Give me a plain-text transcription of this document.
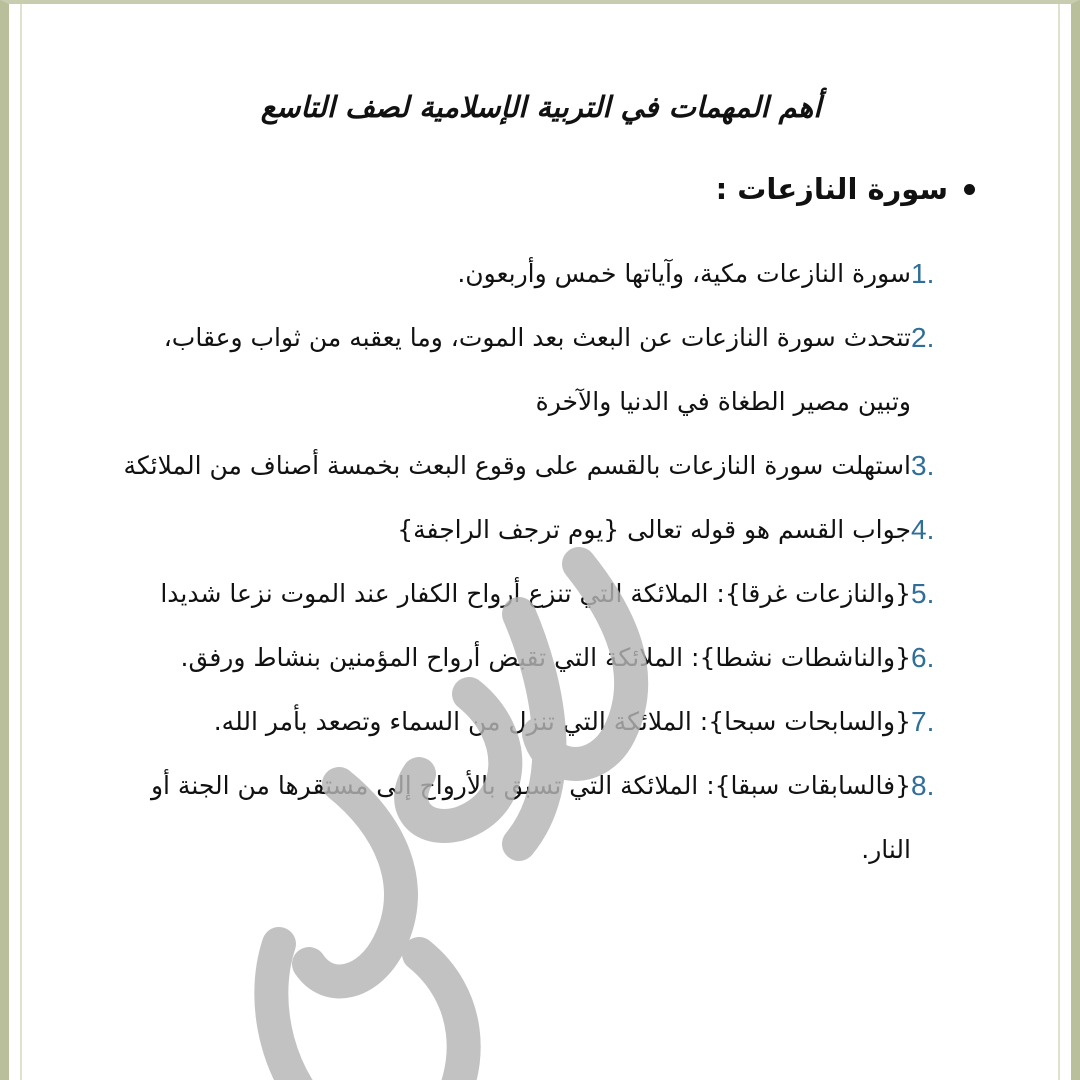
أهم المهمات في التربية الإسلامية لصف التاسع
سورة النازعات :

1.
سورة النازعات مكية، وآياتها خمس وأربعون.

2.
تتحدث سورة النازعات عن البعث بعد الموت، وما يعقبه من ثواب وعقاب، وتبين مصير الطغاة في الدنيا والآخرة

3.
استهلت سورة النازعات بالقسم على وقوع البعث بخمسة أصناف من الملائكة

4.
جواب القسم هو قوله تعالى {يوم ترجف الراجفة}

5.
{والنازعات غرقا}: الملائكة التي تنزع أرواح الكفار عند الموت نزعا شديدا

6.
{والناشطات نشطا}: الملائكة التي تقبض أرواح المؤمنين بنشاط ورفق.

7.
{والسابحات سبحا}: الملائكة التي تنزل من السماء وتصعد بأمر الله.

8.
{فالسابقات سبقا}: الملائكة التي تسبق بالأرواح إلى مستقرها من الجنة أو النار.
